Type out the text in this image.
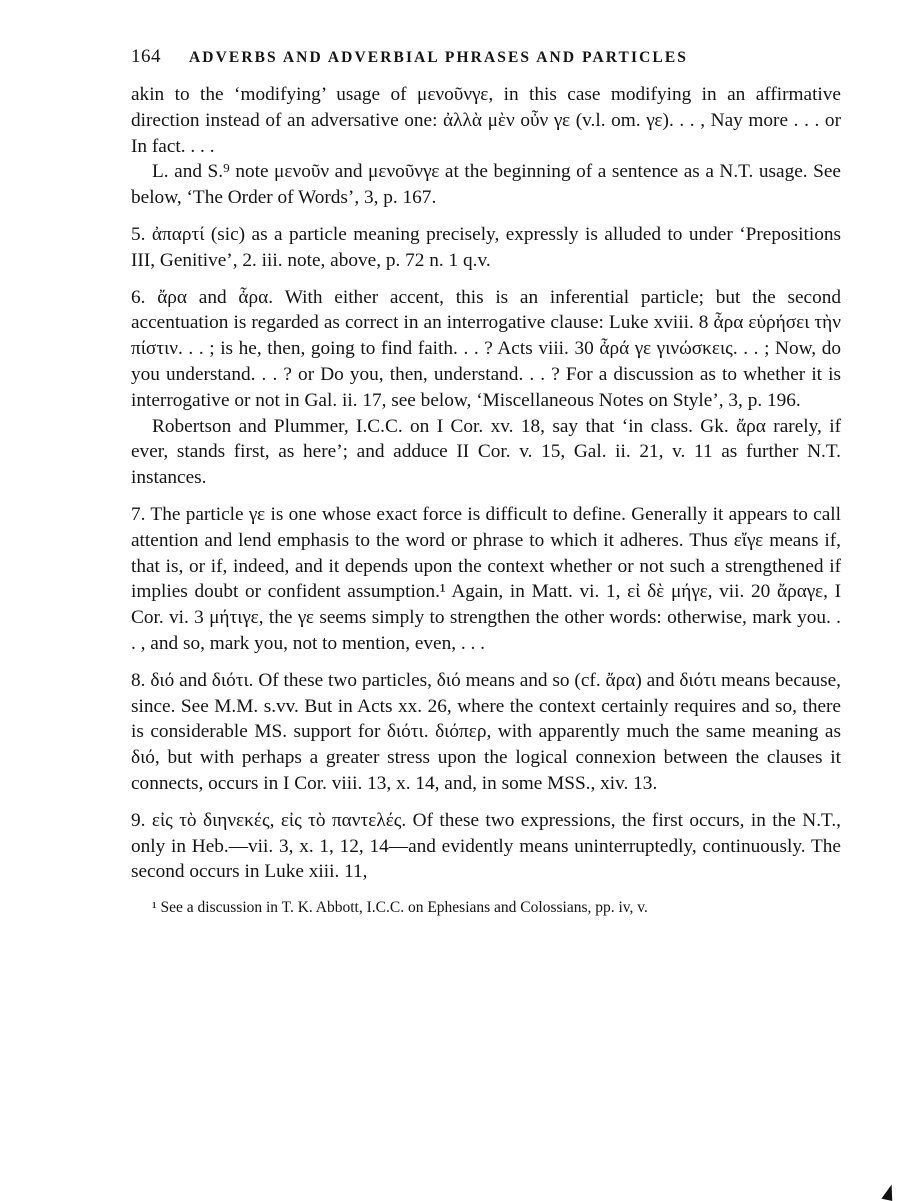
164 ADVERBS AND ADVERBIAL PHRASES AND PARTICLES

akin to the ‘modifying’ usage of μενοῦνγε, in this case modifying in an affirmative direction instead of an adversative one: ἀλλὰ μὲν οὖν γε (v.l. om. γε). . . , Nay more . . . or In fact. . . .

L. and S.⁹ note μενοῦν and μενοῦνγε at the beginning of a sentence as a N.T. usage. See below, ‘The Order of Words’, 3, p. 167.

5. ἀπαρτί (sic) as a particle meaning precisely, expressly is alluded to under ‘Prepositions III, Genitive’, 2. iii. note, above, p. 72 n. 1 q.v.

6. ἄρα and ἆρα. With either accent, this is an inferential particle; but the second accentuation is regarded as correct in an interrogative clause: Luke xviii. 8 ἆρα εὑρήσει τὴν πίστιν. . . ; is he, then, going to find faith. . . ? Acts viii. 30 ἆρά γε γινώσκεις. . . ; Now, do you understand. . . ? or Do you, then, understand. . . ? For a discussion as to whether it is interrogative or not in Gal. ii. 17, see below, ‘Miscellaneous Notes on Style’, 3, p. 196.

Robertson and Plummer, I.C.C. on I Cor. xv. 18, say that ‘in class. Gk. ἄρα rarely, if ever, stands first, as here’; and adduce II Cor. v. 15, Gal. ii. 21, v. 11 as further N.T. instances.

7. The particle γε is one whose exact force is difficult to define. Generally it appears to call attention and lend emphasis to the word or phrase to which it adheres. Thus εἴγε means if, that is, or if, indeed, and it depends upon the context whether or not such a strengthened if implies doubt or confident assumption.¹ Again, in Matt. vi. 1, εἰ δὲ μήγε, vii. 20 ἄραγε, I Cor. vi. 3 μήτιγε, the γε seems simply to strengthen the other words: otherwise, mark you. . . , and so, mark you, not to mention, even, . . .

8. διό and διότι. Of these two particles, διό means and so (cf. ἄρα) and διότι means because, since. See M.M. s.vv. But in Acts xx. 26, where the context certainly requires and so, there is considerable MS. support for διότι. διόπερ, with apparently much the same meaning as διό, but with perhaps a greater stress upon the logical connexion between the clauses it connects, occurs in I Cor. viii. 13, x. 14, and, in some MSS., xiv. 13.

9. εἰς τὸ διηνεκές, εἰς τὸ παντελές. Of these two expressions, the first occurs, in the N.T., only in Heb.—vii. 3, x. 1, 12, 14—and evidently means uninterruptedly, continuously. The second occurs in Luke xiii. 11,

¹ See a discussion in T. K. Abbott, I.C.C. on Ephesians and Colossians, pp. iv, v.
